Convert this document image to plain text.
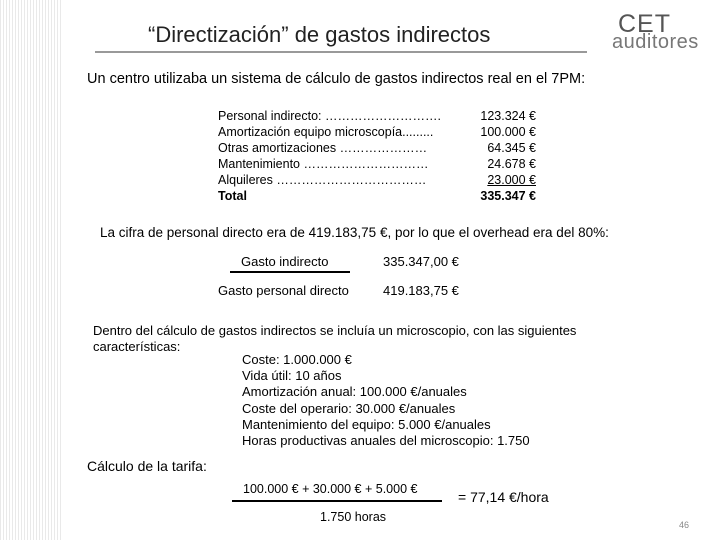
“Directización” de gastos indirectos	CET
auditores
Un centro utilizaba un sistema de cálculo de gastos indirectos real en el 7PM:
Personal indirecto: ……………………….	123.324 €
Amortización equipo microscopía.........	100.000 €
Otras amortizaciones …………………	64.345 €
Mantenimiento …………………………	24.678 €
Alquileres ………………………………	23.000 €
Total	335.347 €
La cifra de personal directo era de 419.183,75 €, por lo que el overhead era del 80%:
Gasto indirecto	335.347,00 €
Gasto personal directo	419.183,75 €
Dentro del cálculo de gastos indirectos se incluía un microscopio, con las siguientes
características:
Coste: 1.000.000 €
Vida útil: 10 años
Amortización anual: 100.000 €/anuales
Coste del operario: 30.000 €/anuales
Mantenimiento del equipo: 5.000 €/anuales
Horas productivas anuales del microscopio: 1.750
Cálculo de la tarifa:
100.000 € + 30.000 € + 5.000 €
1.750 horas
= 77,14 €/hora
46
